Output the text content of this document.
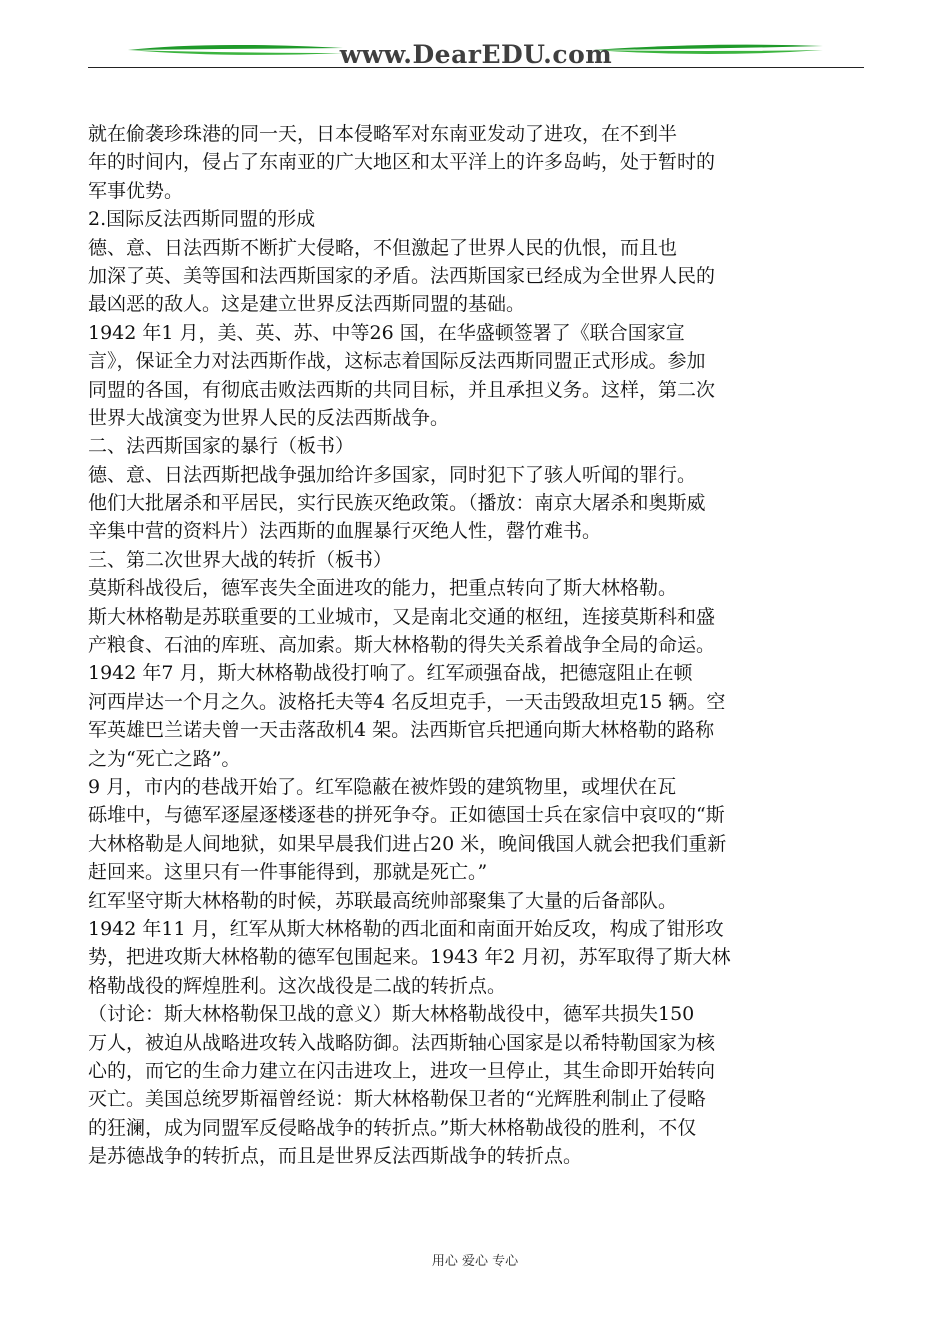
www.DearEDU.com
就在偷袭珍珠港的同一天，日本侵略军对东南亚发动了进攻，在不到半
年的时间内，侵占了东南亚的广大地区和太平洋上的许多岛屿，处于暂时的
军事优势。
2.国际反法西斯同盟的形成
德、意、日法西斯不断扩大侵略，不但激起了世界人民的仇恨，而且也
加深了英、美等国和法西斯国家的矛盾。法西斯国家已经成为全世界人民的
最凶恶的敌人。这是建立世界反法西斯同盟的基础。
1942 年1 月，美、英、苏、中等26 国，在华盛顿签署了《联合国家宣
言》，保证全力对法西斯作战，这标志着国际反法西斯同盟正式形成。参加
同盟的各国，有彻底击败法西斯的共同目标，并且承担义务。这样，第二次
世界大战演变为世界人民的反法西斯战争。
二、法西斯国家的暴行（板书）
德、意、日法西斯把战争强加给许多国家，同时犯下了骇人听闻的罪行。
他们大批屠杀和平居民，实行民族灭绝政策。（播放：南京大屠杀和奥斯威
辛集中营的资料片）法西斯的血腥暴行灭绝人性，罄竹难书。
三、第二次世界大战的转折（板书）
莫斯科战役后，德军丧失全面进攻的能力，把重点转向了斯大林格勒。
斯大林格勒是苏联重要的工业城市，又是南北交通的枢纽，连接莫斯科和盛
产粮食、石油的库班、高加索。斯大林格勒的得失关系着战争全局的命运。
1942 年7 月，斯大林格勒战役打响了。红军顽强奋战，把德寇阻止在顿
河西岸达一个月之久。波格托夫等4 名反坦克手，一天击毁敌坦克15 辆。空
军英雄巴兰诺夫曾一天击落敌机4 架。法西斯官兵把通向斯大林格勒的路称
之为“死亡之路”。
9 月，市内的巷战开始了。红军隐蔽在被炸毁的建筑物里，或埋伏在瓦
砾堆中，与德军逐屋逐楼逐巷的拼死争夺。正如德国士兵在家信中哀叹的“斯
大林格勒是人间地狱，如果早晨我们进占20 米，晚间俄国人就会把我们重新
赶回来。这里只有一件事能得到，那就是死亡。”
红军坚守斯大林格勒的时候，苏联最高统帅部聚集了大量的后备部队。
1942 年11 月，红军从斯大林格勒的西北面和南面开始反攻，构成了钳形攻
势，把进攻斯大林格勒的德军包围起来。1943 年2 月初，苏军取得了斯大林
格勒战役的辉煌胜利。这次战役是二战的转折点。
（讨论：斯大林格勒保卫战的意义）斯大林格勒战役中，德军共损失150
万人，被迫从战略进攻转入战略防御。法西斯轴心国家是以希特勒国家为核
心的，而它的生命力建立在闪击进攻上，进攻一旦停止，其生命即开始转向
灭亡。美国总统罗斯福曾经说：斯大林格勒保卫者的“光辉胜利制止了侵略
的狂澜，成为同盟军反侵略战争的转折点。”斯大林格勒战役的胜利，不仅
是苏德战争的转折点，而且是世界反法西斯战争的转折点。
用心 爱心 专心
